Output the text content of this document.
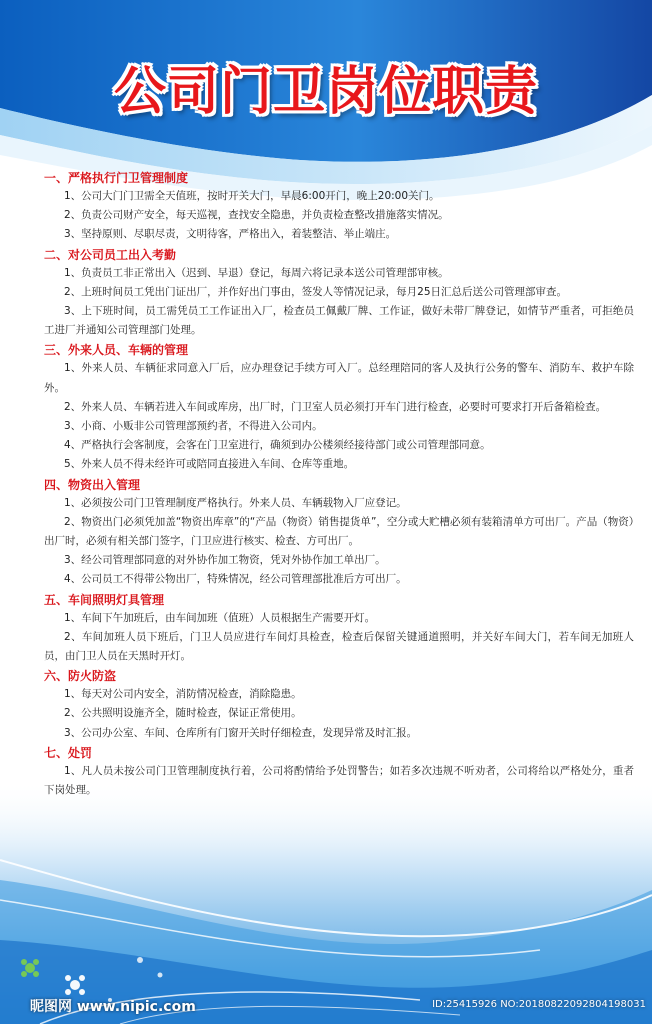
公司门卫岗位职责
一、严格执行门卫管理制度
1、公司大门门卫需全天值班，按时开关大门，早晨6:00开门，晚上20:00关门。
2、负责公司财产安全，每天巡视，查找安全隐患，并负责检查整改措施落实情况。
3、坚持原则、尽职尽责，文明待客，严格出入，着装整洁、举止端庄。
二、对公司员工出入考勤
1、负责员工非正常出入（迟到、早退）登记，每周六将记录本送公司管理部审核。
2、上班时间员工凭出门证出厂，并作好出门事由，签发人等情况记录，每月25日汇总后送公司管理部审查。
3、上下班时间，员工需凭员工工作证出入厂，检查员工佩戴厂牌、工作证，做好未带厂牌登记，如情节严重者，可拒绝员工进厂并通知公司管理部门处理。
三、外来人员、车辆的管理
1、外来人员、车辆征求同意入厂后，应办理登记手续方可入厂。总经理陪同的客人及执行公务的警车、消防车、救护车除外。
2、外来人员、车辆若进入车间或库房，出厂时，门卫室人员必须打开车门进行检查，必要时可要求打开后备箱检查。
3、小商、小贩非公司管理部预约者，不得进入公司内。
4、严格执行会客制度，会客在门卫室进行，确须到办公楼须经接待部门或公司管理部同意。
5、外来人员不得未经许可或陪同直接进入车间、仓库等重地。
四、物资出入管理
1、必须按公司门卫管理制度严格执行。外来人员、车辆载物入厂应登记。
2、物资出门必须凭加盖“物资出库章”的“产品（物资）销售提货单”，空分或大贮槽必须有装箱清单方可出厂。产品（物资）出厂时，必须有相关部门签字，门卫应进行核实、检查、方可出厂。
3、经公司管理部同意的对外协作加工物资，凭对外协作加工单出厂。
4、公司员工不得带公物出厂，特殊情况，经公司管理部批准后方可出厂。
五、车间照明灯具管理
1、车间下午加班后，由车间加班（值班）人员根据生产需要开灯。
2、车间加班人员下班后，门卫人员应进行车间灯具检查，检查后保留关键通道照明，并关好车间大门，若车间无加班人员，由门卫人员在天黑时开灯。
六、防火防盗
1、每天对公司内安全，消防情况检查，消除隐患。
2、公共照明设施齐全，随时检查，保证正常使用。
3、公司办公室、车间、仓库所有门窗开关时仔细检查，发现异常及时汇报。
七、处罚
1、凡人员未按公司门卫管理制度执行着，公司将酌情给予处罚警告；如若多次违规不听劝者，公司将给以严格处分，重者下岗处理。
昵图网 www.nipic.com	ID:25415926 NO:20180822092804198031
